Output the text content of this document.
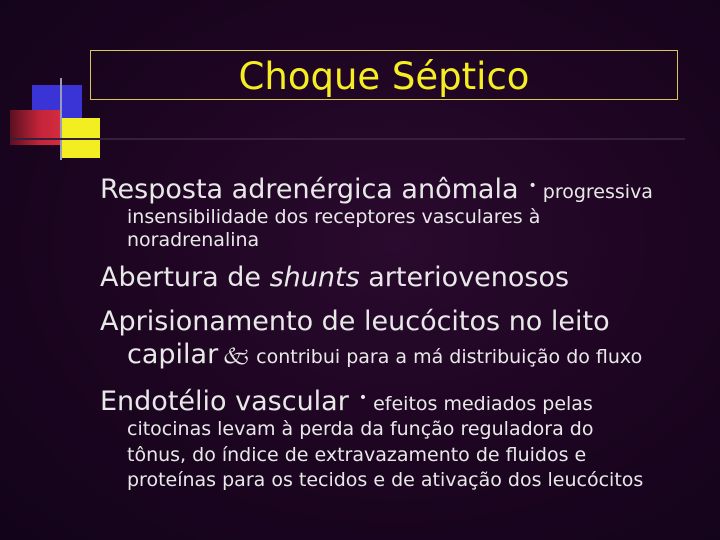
Choque Séptico
Resposta adrenérgica anômala • progressiva
insensibilidade dos receptores vasculares à
noradrenalina
Abertura de shunts arteriovenosos
Aprisionamento de leucócitos no leito
capilar 🙵 contribui para a má distribuição do fluxo
Endotélio vascular • efeitos mediados pelas
citocinas levam à perda da função reguladora do
tônus, do índice de extravazamento de fluidos e
proteínas para os tecidos e de ativação dos leucócitos
